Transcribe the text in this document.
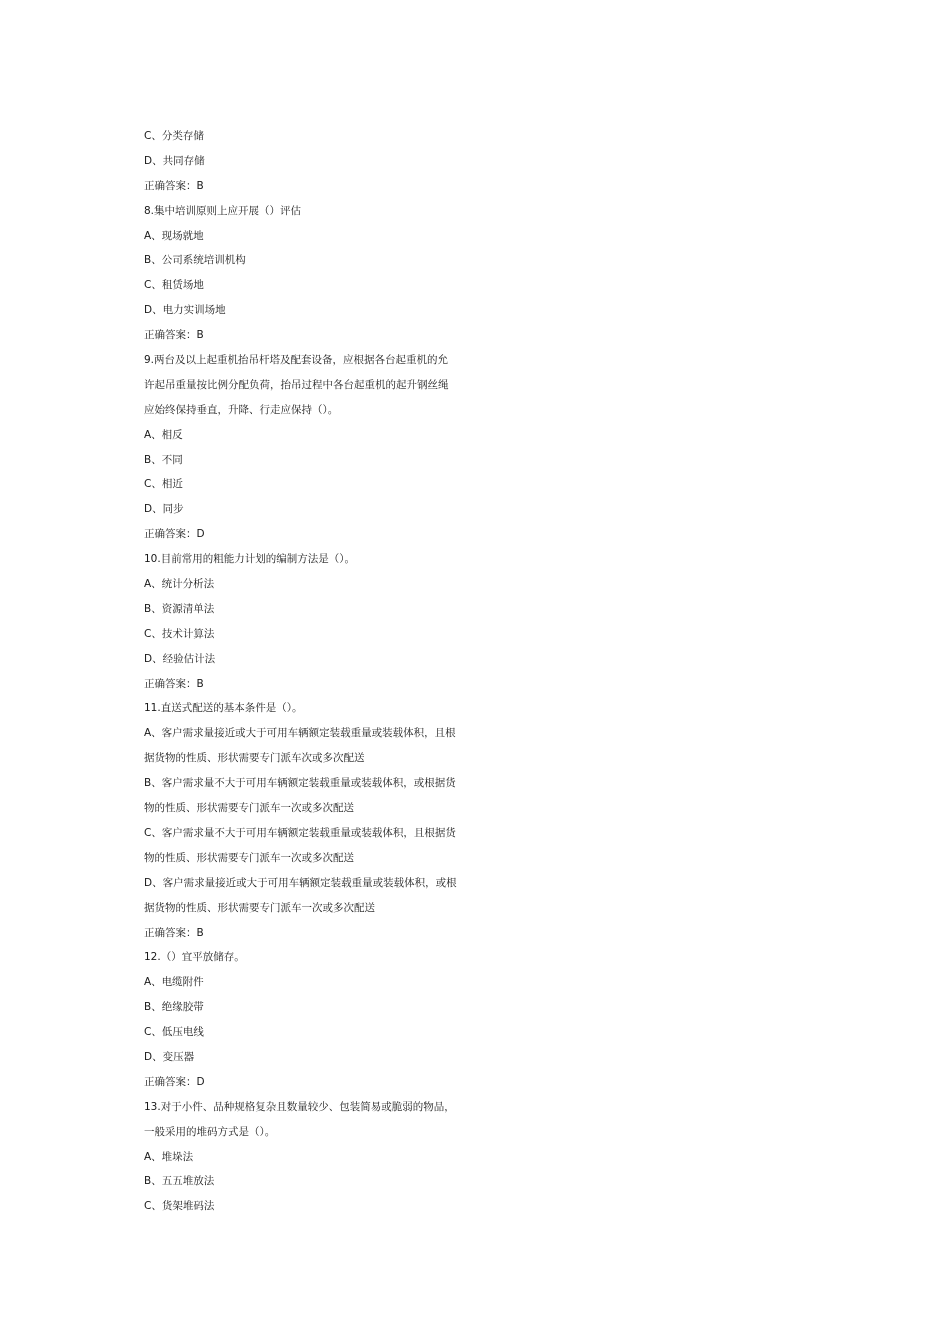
C、分类存储
D、共同存储
正确答案：B
8.集中培训原则上应开展（）评估
A、现场就地
B、公司系统培训机构
C、租赁场地
D、电力实训场地
正确答案：B
9.两台及以上起重机抬吊杆塔及配套设备，应根据各台起重机的允
许起吊重量按比例分配负荷，抬吊过程中各台起重机的起升钢丝绳
应始终保持垂直，升降、行走应保持（）。
A、相反
B、不同
C、相近
D、同步
正确答案：D
10.目前常用的粗能力计划的编制方法是（）。
A、统计分析法
B、资源清单法
C、技术计算法
D、经验估计法
正确答案：B
11.直送式配送的基本条件是（）。
A、客户需求量接近或大于可用车辆额定装载重量或装载体积，且根
据货物的性质、形状需要专门派车次或多次配送
B、客户需求量不大于可用车辆额定装载重量或装载体积，或根据货
物的性质、形状需要专门派车一次或多次配送
C、客户需求量不大于可用车辆额定装载重量或装载体积，且根据货
物的性质、形状需要专门派车一次或多次配送
D、客户需求量接近或大于可用车辆额定装载重量或装载体积，或根
据货物的性质、形状需要专门派车一次或多次配送
正确答案：B
12.（）宜平放储存。
A、电缆附件
B、绝缘胶带
C、低压电线
D、变压器
正确答案：D
13.对于小件、品种规格复杂且数量较少、包装简易或脆弱的物品，
一般采用的堆码方式是（）。
A、堆垛法
B、五五堆放法
C、货架堆码法
